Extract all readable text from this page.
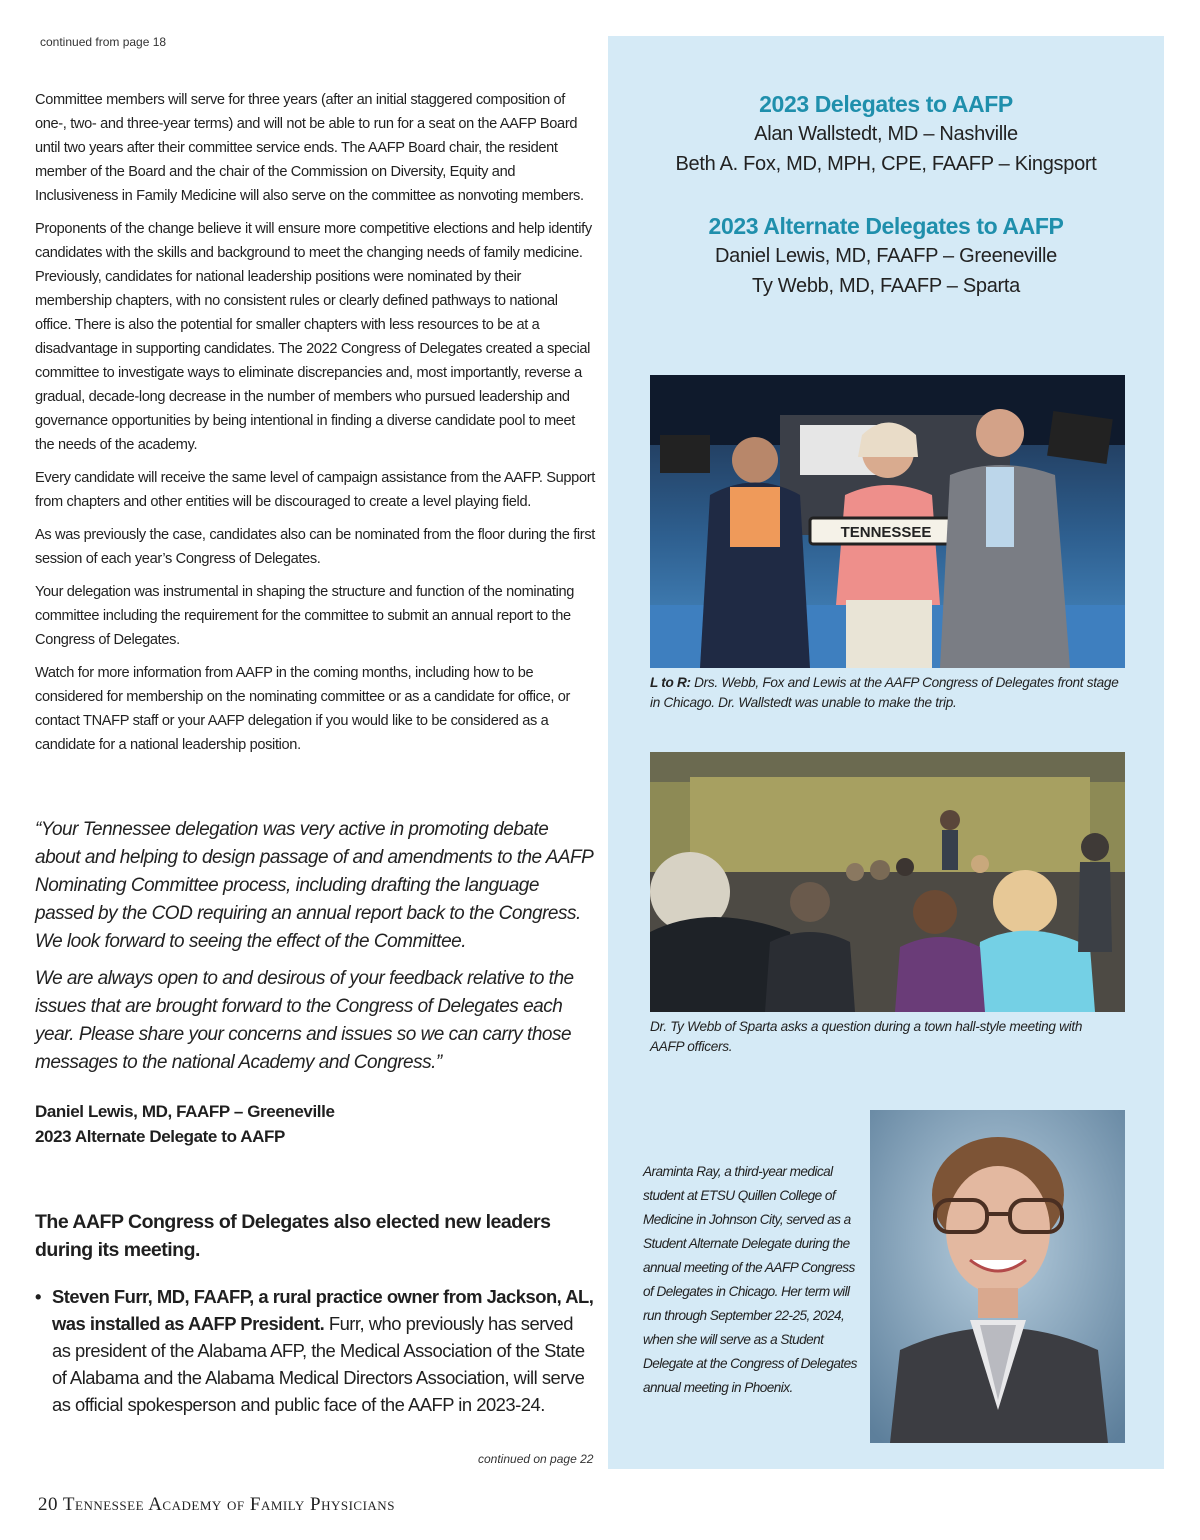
continued from page 18

Committee members will serve for three years (after an initial staggered composition of one-, two- and three-year terms) and will not be able to run for a seat on the AAFP Board until two years after their committee service ends. The AAFP Board chair, the resident member of the Board and the chair of the Commission on Diversity, Equity and Inclusiveness in Family Medicine will also serve on the committee as nonvoting members.

Proponents of the change believe it will ensure more competitive elections and help identify candidates with the skills and background to meet the changing needs of family medicine. Previously, candidates for national leadership positions were nominated by their membership chapters, with no consistent rules or clearly defined pathways to national office. There is also the potential for smaller chapters with less resources to be at a disadvantage in supporting candidates. The 2022 Congress of Delegates created a special committee to investigate ways to eliminate discrepancies and, most importantly, reverse a gradual, decade-long decrease in the number of members who pursued leadership and governance opportunities by being intentional in finding a diverse candidate pool to meet the needs of the academy.

Every candidate will receive the same level of campaign assistance from the AAFP. Support from chapters and other entities will be discouraged to create a level playing field.

As was previously the case, candidates also can be nominated from the floor during the first session of each year’s Congress of Delegates.

Your delegation was instrumental in shaping the structure and function of the nominating committee including the requirement for the committee to submit an annual report to the Congress of Delegates.

Watch for more information from AAFP in the coming months, including how to be considered for membership on the nominating committee or as a candidate for office, or contact TNAFP staff or your AAFP delegation if you would like to be considered as a candidate for a national leadership position.

“Your Tennessee delegation was very active in promoting debate about and helping to design passage of and amendments to the AAFP Nominating Committee process, including drafting the language passed by the COD requiring an annual report back to the Congress. We look forward to seeing the effect of the Committee.

We are always open to and desirous of your feedback relative to the issues that are brought forward to the Congress of Delegates each year. Please share your concerns and issues so we can carry those messages to the national Academy and Congress.”

Daniel Lewis, MD, FAAFP – Greeneville
2023 Alternate Delegate to AAFP
The AAFP Congress of Delegates also elected new leaders during its meeting.
• Steven Furr, MD, FAAFP, a rural practice owner from Jackson, AL, was installed as AAFP President. Furr, who previously has served as president of the Alabama AFP, the Medical Association of the State of Alabama and the Alabama Medical Directors Association, will serve as official spokesperson and public face of the AAFP in 2023-24.
continued on page 22
20 Tennessee Academy of Family Physicians
2023 Delegates to AAFP
Alan Wallstedt, MD – Nashville
Beth A. Fox, MD, MPH, CPE, FAAFP – Kingsport
2023 Alternate Delegates to AAFP
Daniel Lewis, MD, FAAFP – Greeneville
Ty Webb, MD, FAAFP – Sparta
TENNESSEE
L to R: Drs. Webb, Fox and Lewis at the AAFP Congress of Delegates front stage in Chicago. Dr. Wallstedt was unable to make the trip.
Dr. Ty Webb of Sparta asks a question during a town hall-style meeting with AAFP officers.
Araminta Ray, a third-year medical student at ETSU Quillen College of Medicine in Johnson City, served as a Student Alternate Delegate during the annual meeting of the AAFP Congress of Delegates in Chicago. Her term will run through September 22-25, 2024, when she will serve as a Student Delegate at the Congress of Delegates annual meeting in Phoenix.
